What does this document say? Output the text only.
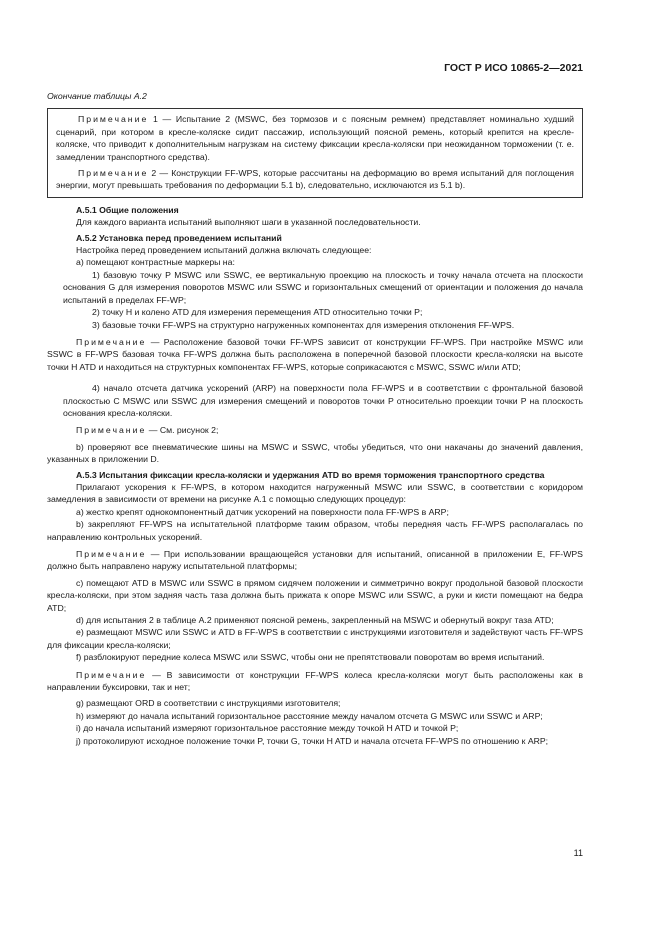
ГОСТ Р ИСО 10865-2—2021
Окончание таблицы А.2

Примечание 1 — Испытание 2 (MSWC, без тормозов и с поясным ремнем) представляет номинально худший сценарий, при котором в кресле-коляске сидит пассажир, использующий поясной ремень, который крепится на кресле-коляске, что приводит к дополнительным нагрузкам на систему фиксации кресла-коляски при неожиданном торможении (т. е. замедлении транспортного средства).

Примечание 2 — Конструкции FF-WPS, которые рассчитаны на деформацию во время испытаний для поглощения энергии, могут превышать требования по деформации 5.1 b), следовательно, исключаются из 5.1 b).

А.5.1 Общие положения

Для каждого варианта испытаний выполняют шаги в указанной последовательности.

А.5.2 Установка перед проведением испытаний

Настройка перед проведением испытаний должна включать следующее:

а) помещают контрастные маркеры на:

1) базовую точку P MSWC или SSWC, ее вертикальную проекцию на плоскость и точку начала отсчета на плоскости основания G для измерения поворотов MSWC или SSWC и горизонтальных смещений от ориентации и положения до начала испытаний в пределах FF-WP;

2) точку H и колено ATD для измерения перемещения ATD относительно точки P;

3) базовые точки FF-WPS на структурно нагруженных компонентах для измерения отклонения FF-WPS.

Примечание — Расположение базовой точки FF-WPS зависит от конструкции FF-WPS. При настройке MSWC или SSWC в FF-WPS базовая точка FF-WPS должна быть расположена в поперечной базовой плоскости кресла-коляски на высоте точки H ATD и находиться на структурных компонентах FF-WPS, которые соприкасаются с MSWC, SSWC и/или ATD;

4) начало отсчета датчика ускорений (ARP) на поверхности пола FF-WPS и в соответствии с фронтальной базовой плоскостью C MSWC или SSWC для измерения смещений и поворотов точки P относительно проекции точки P на плоскость основания кресла-коляски.

Примечание — См. рисунок 2;

b) проверяют все пневматические шины на MSWC и SSWC, чтобы убедиться, что они накачаны до значений давления, указанных в приложении D.

А.5.3 Испытания фиксации кресла-коляски и удержания ATD во время торможения транспортного средства

Прилагают ускорения к FF-WPS, в котором находится нагруженный MSWC или SSWC, в соответствии с коридором замедления в зависимости от времени на рисунке А.1 с помощью следующих процедур:

а) жестко крепят однокомпонентный датчик ускорений на поверхности пола FF-WPS в ARP;

b) закрепляют FF-WPS на испытательной платформе таким образом, чтобы передняя часть FF-WPS располагалась по направлению контрольных ускорений.

Примечание — При использовании вращающейся установки для испытаний, описанной в приложении E, FF-WPS должно быть направлено наружу испытательной платформы;

c) помещают ATD в MSWC или SSWC в прямом сидячем положении и симметрично вокруг продольной базовой плоскости кресла-коляски, при этом задняя часть таза должна быть прижата к опоре MSWC или SSWC, а руки и кисти помещают на бедра ATD;

d) для испытания 2 в таблице А.2 применяют поясной ремень, закрепленный на MSWC и обернутый вокруг таза ATD;

e) размещают MSWC или SSWC и ATD в FF-WPS в соответствии с инструкциями изготовителя и задействуют часть FF-WPS для фиксации кресла-коляски;

f) разблокируют передние колеса MSWC или SSWC, чтобы они не препятствовали поворотам во время испытаний.

Примечание — В зависимости от конструкции FF-WPS колеса кресла-коляски могут быть расположены как в направлении буксировки, так и нет;

g) размещают ORD в соответствии с инструкциями изготовителя;

h) измеряют до начала испытаний горизонтальное расстояние между началом отсчета G MSWC или SSWC и ARP;

i) до начала испытаний измеряют горизонтальное расстояние между точкой H ATD и точкой P;

j) протоколируют исходное положение точки P, точки G, точки H ATD и начала отсчета FF-WPS по отношению к ARP;

11
